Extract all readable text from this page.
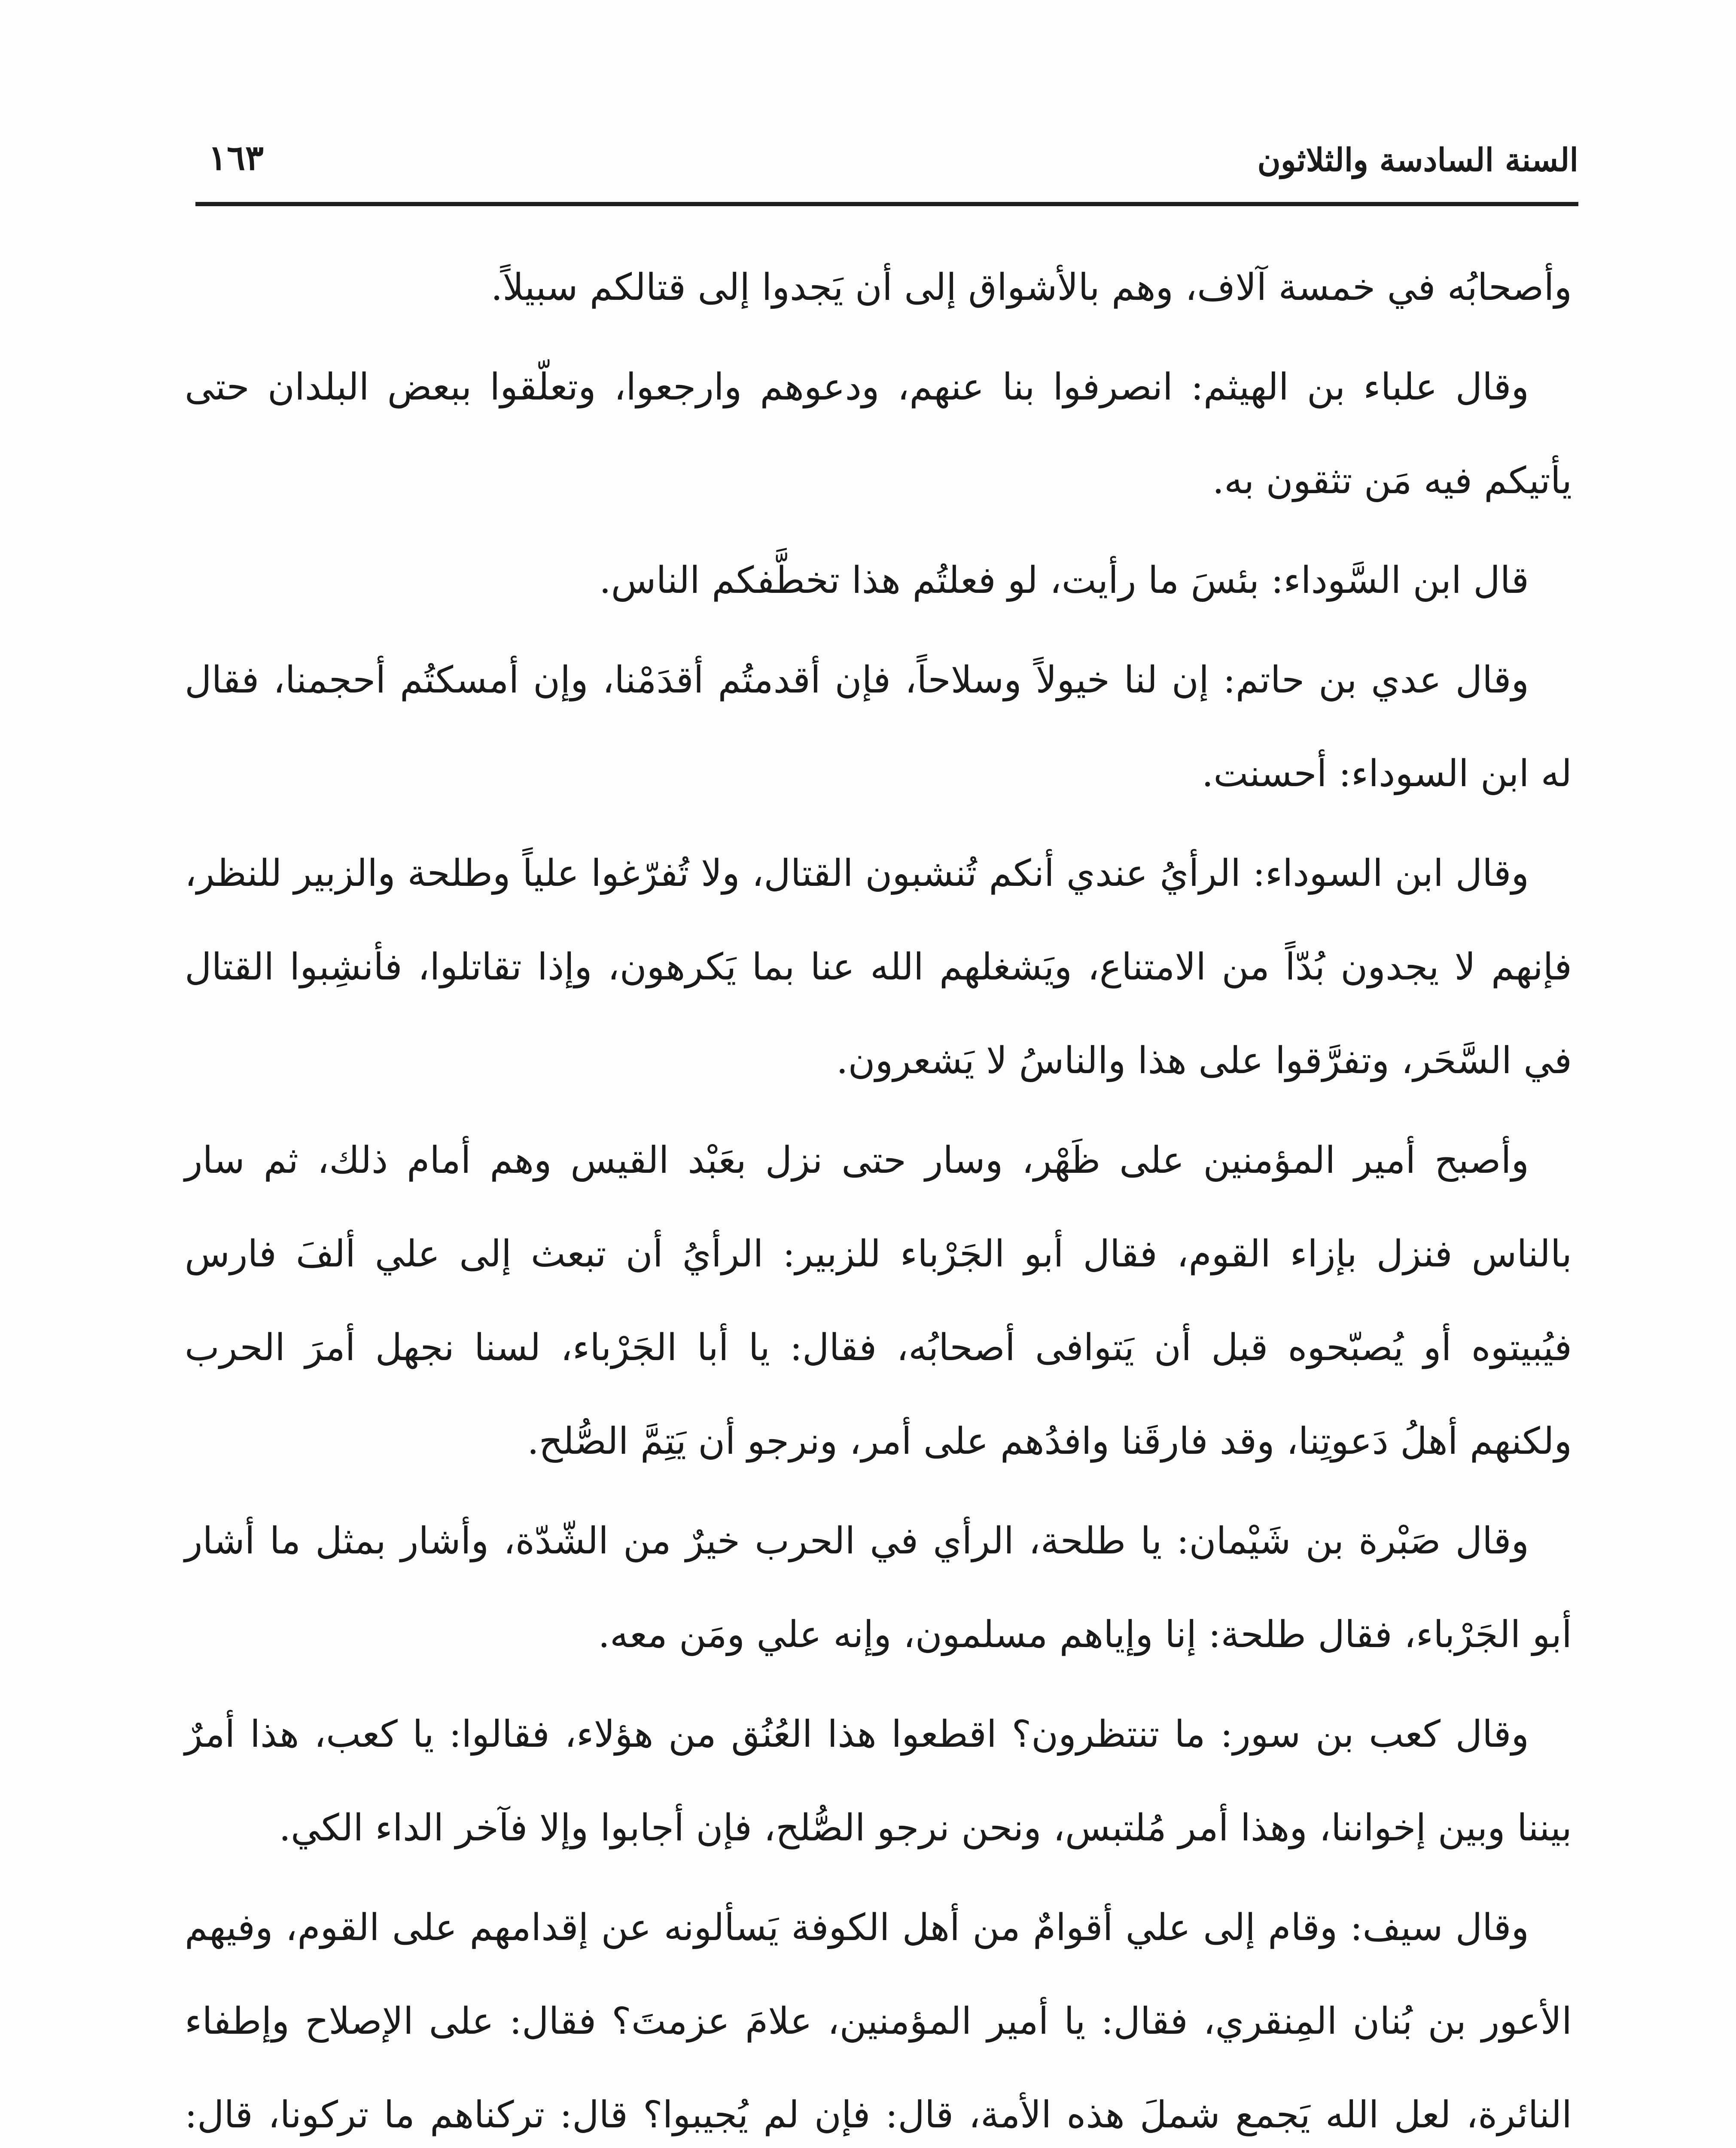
السنة السادسة والثلاثون
١٦٣

وأصحابُه في خمسة آلاف، وهم بالأشواق إلى أن يَجدوا إلى قتالكم سبيلاً.

وقال علباء بن الهيثم: انصرفوا بنا عنهم، ودعوهم وارجعوا، وتعلّقوا ببعض البلدان حتى يأتيكم فيه مَن تثقون به.

قال ابن السَّوداء: بئسَ ما رأيت، لو فعلتُم هذا تخطَّفكم الناس.

وقال عدي بن حاتم: إن لنا خيولاً وسلاحاً، فإن أقدمتُم أقدَمْنا، وإن أمسكتُم أحجمنا، فقال له ابن السوداء: أحسنت.

وقال ابن السوداء: الرأيُ عندي أنكم تُنشبون القتال، ولا تُفرّغوا علياً وطلحة والزبير للنظر، فإنهم لا يجدون بُدّاً من الامتناع، ويَشغلهم الله عنا بما يَكرهون، وإذا تقاتلوا، فأنشِبوا القتال في السَّحَر، وتفرَّقوا على هذا والناسُ لا يَشعرون.

وأصبح أمير المؤمنين على ظَهْر، وسار حتى نزل بعَبْد القيس وهم أمام ذلك، ثم سار بالناس فنزل بإزاء القوم، فقال أبو الجَرْباء للزبير: الرأيُ أن تبعث إلى علي ألفَ فارس فيُبيتوه أو يُصبّحوه قبل أن يَتوافى أصحابُه، فقال: يا أبا الجَرْباء، لسنا نجهل أمرَ الحرب ولكنهم أهلُ دَعوتِنا، وقد فارقَنا وافدُهم على أمر، ونرجو أن يَتِمَّ الصُّلح.

وقال صَبْرة بن شَيْمان: يا طلحة، الرأي في الحرب خيرٌ من الشّدّة، وأشار بمثل ما أشار أبو الجَرْباء، فقال طلحة: إنا وإياهم مسلمون، وإنه علي ومَن معه.

وقال كعب بن سور: ما تنتظرون؟ اقطعوا هذا العُنُق من هؤلاء، فقالوا: يا كعب، هذا أمرٌ بيننا وبين إخواننا، وهذا أمر مُلتبس، ونحن نرجو الصُّلح، فإن أجابوا وإلا فآخر الداء الكي.

وقال سيف: وقام إلى علي أقوامٌ من أهل الكوفة يَسألونه عن إقدامهم على القوم، وفيهم الأعور بن بُنان المِنقري، فقال: يا أمير المؤمنين، علامَ عزمتَ؟ فقال: على الإصلاح وإطفاء النائرة، لعل الله يَجمع شملَ هذه الأمة، قال: فإن لم يُجيبوا؟ قال: تركناهم ما تركونا، قال:
